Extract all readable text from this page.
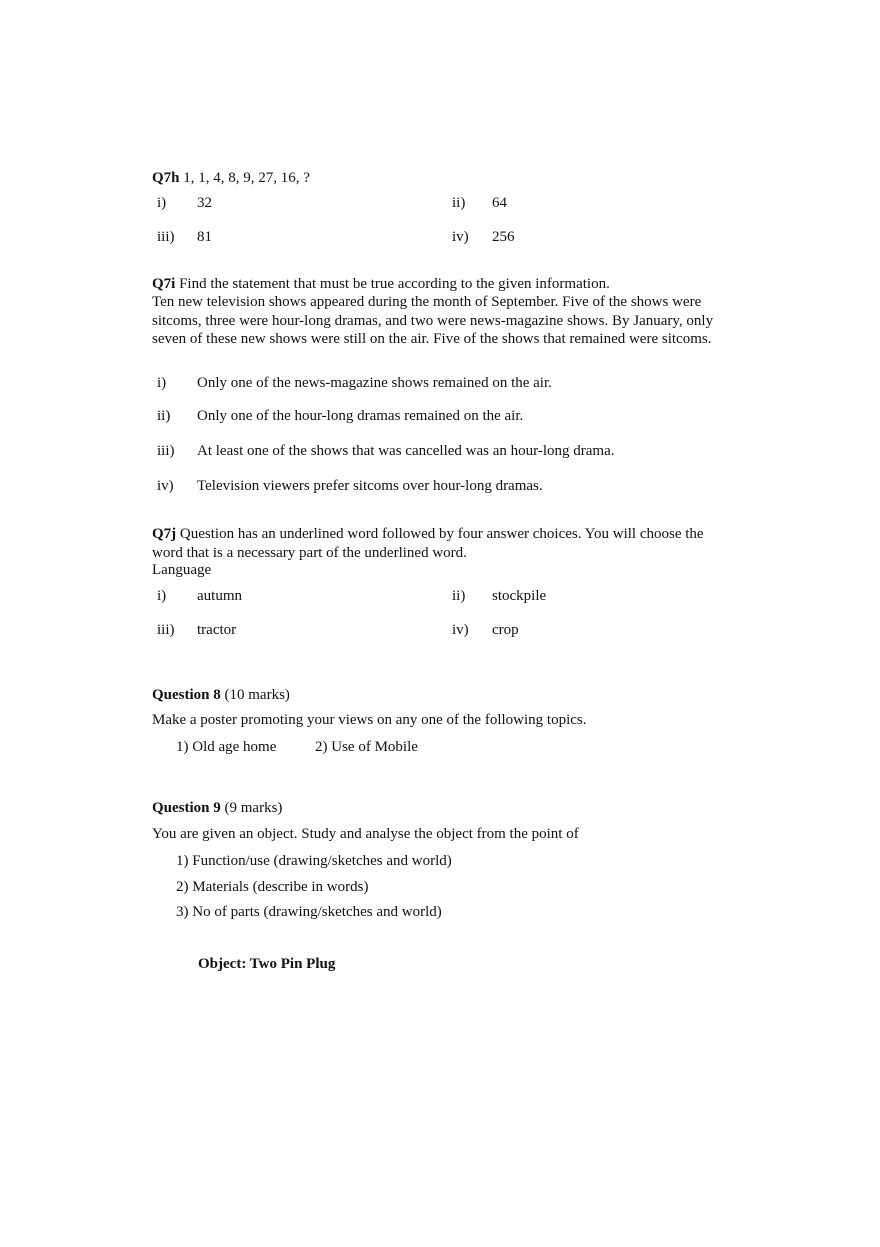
Q7h 1, 1, 4, 8, 9, 27, 16, ?
i) 32	ii) 64
iii) 81	iv) 256
Q7i Find the statement that must be true according to the given information.
Ten new television shows appeared during the month of September. Five of the shows were sitcoms, three were hour-long dramas, and two were news-magazine shows. By January, only seven of these new shows were still on the air. Five of the shows that remained were sitcoms.
i) Only one of the news-magazine shows remained on the air.
ii) Only one of the hour-long dramas remained on the air.
iii) At least one of the shows that was cancelled was an hour-long drama.
iv) Television viewers prefer sitcoms over hour-long dramas.
Q7j Question has an underlined word followed by four answer choices. You will choose the word that is a necessary part of the underlined word.
Language
i) autumn	ii) stockpile
iii) tractor	iv) crop
Question 8 (10 marks)
Make a poster promoting your views on any one of the following topics.
1) Old age home	2) Use of Mobile
Question 9 (9 marks)
You are given an object. Study and analyse the object from the point of
1) Function/use (drawing/sketches and world)
2) Materials (describe in words)
3) No of parts (drawing/sketches and world)
Object: Two Pin Plug
